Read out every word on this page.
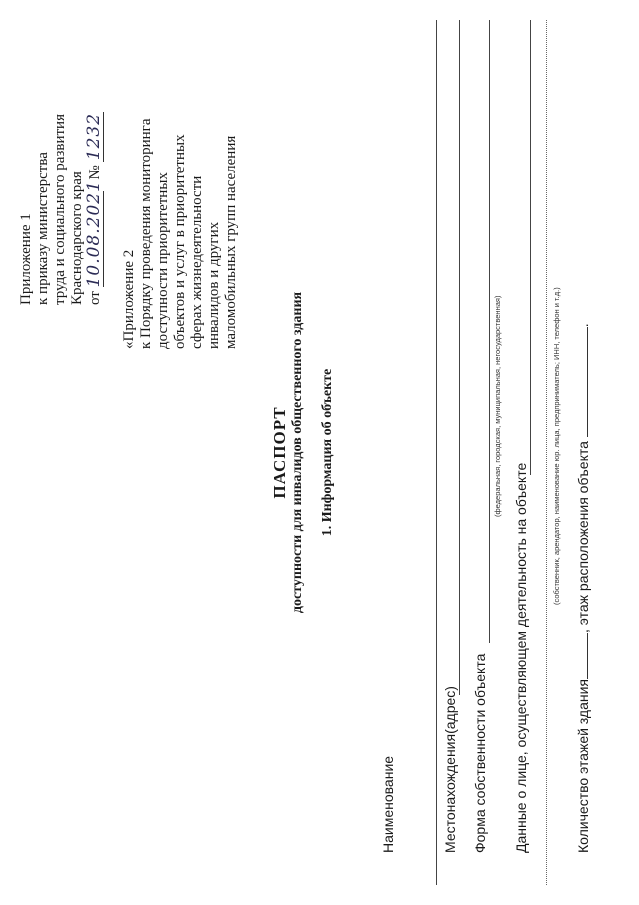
Приложение 1 к приказу министерства труда и социального развития Краснодарского края от 10.08.2021 № 1232
«Приложение 2 к Порядку проведения мониторинга доступности приоритетных объектов и услуг в приоритетных сферах жизнедеятельности инвалидов и других маломобильных групп населения
ПАСПОРТ доступности для инвалидов общественного здания 1. Информация об объекте
Наименование	Местонахождения(адрес) Форма собственности объекта
(федеральная, городская, муниципальная, негосударственная)
Данные о лице, осуществляющем деятельность на объекте
(собственник, арендатор, наименование юр. лица, предприниматель; ИНН, телефон и т.д.)
Количество этажей здания, этаж расположения объекта .
